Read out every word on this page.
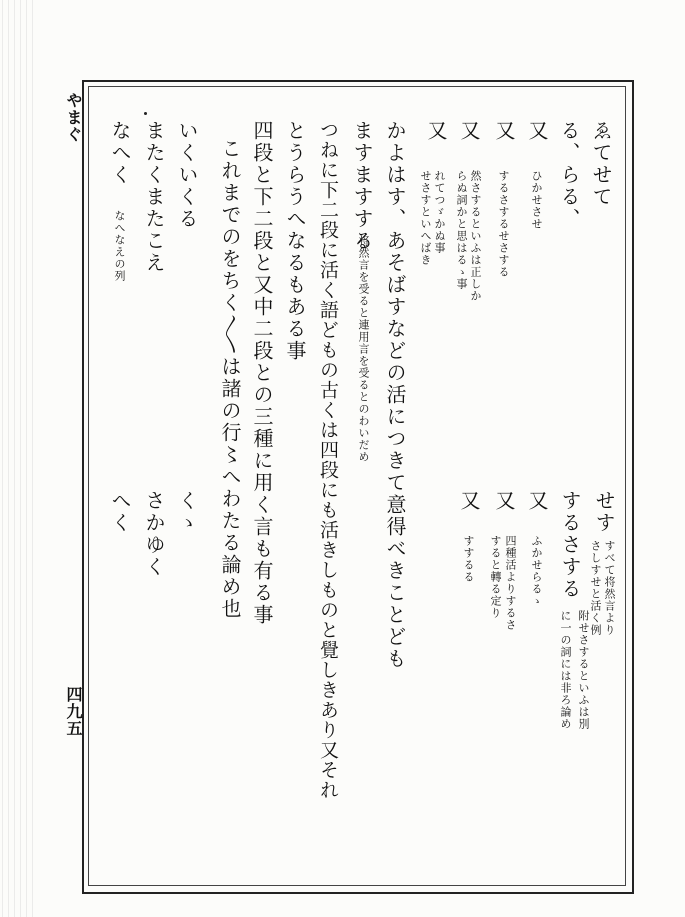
やまぐ
四九五
ゑてせて
る、らる、
又
ひかせさせ
又
するさするせさする
又
然さするといふは正しか
らぬ詞かと思はるゝ事
又
れてつゞかぬ事
せさすといへばき
かよはす、あそばすなどの活につきて意得べきことども
ますますする
将然言を受ると連用言を受るとのわいだめ
つねに下二段に活く語どもの古くは四段にも活きしものと覺しきあり又それ
とうらうへなるもある事
四段と下二段と又中二段との三種に用く言も有る事
これまでのをちく〳〵は諸の行〻へわたる論め也
いくいくる
またくまたこえ
なへく
なへなえの列
せす
すべて将然言より
さしすせと活く例
するさする
附せさするといふは別
に一の詞には非ろ論め
又
ふかせらるゝ
又
四種活よりするさ
すると轉る定り
又
すするる
くゝ
さかゆく
へく
